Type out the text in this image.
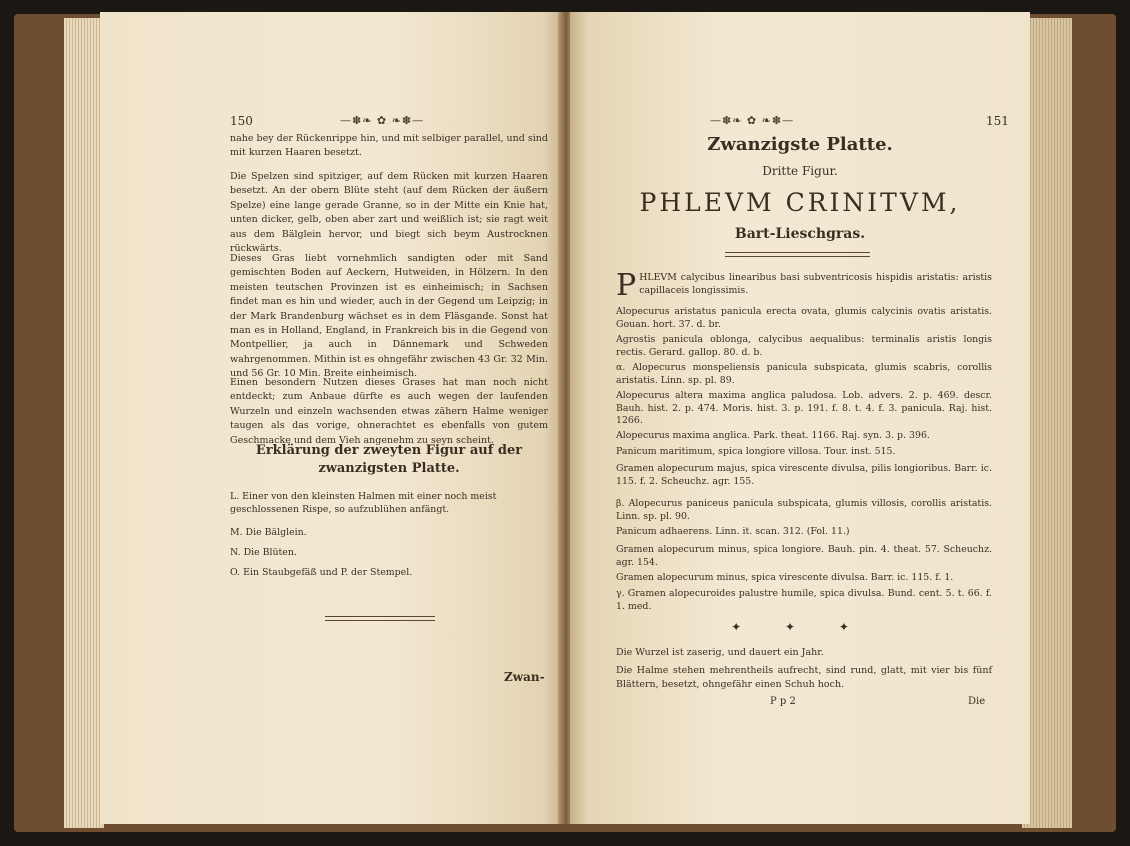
150	—✽❧ ✿ ❧✽—
nahe bey der Rückenrippe hin, und mit selbiger parallel, und sind mit kurzen Haaren besetzt.
Die Spelzen sind spitziger, auf dem Rücken mit kurzen Haaren besetzt. An der obern Blüte steht (auf dem Rücken der äußern Spelze) eine lange gerade Granne, so in der Mitte ein Knie hat, unten dicker, gelb, oben aber zart und weißlich ist; sie ragt weit aus dem Bälglein hervor, und biegt sich beym Austrocknen rückwärts.
Dieses Gras liebt vornehmlich sandigten oder mit Sand gemischten Boden auf Aeckern, Hutweiden, in Hölzern. In den meisten teutschen Provinzen ist es einheimisch; in Sachsen findet man es hin und wieder, auch in der Gegend um Leipzig; in der Mark Brandenburg wächset es in dem Fläsgande. Sonst hat man es in Holland, England, in Frankreich bis in die Gegend von Montpellier, ja auch in Dännemark und Schweden wahrgenommen. Mithin ist es ohngefähr zwischen 43 Gr. 32 Min. und 56 Gr. 10 Min. Breite einheimisch.
Einen besondern Nutzen dieses Grases hat man noch nicht entdeckt; zum Anbaue dürfte es auch wegen der laufenden Wurzeln und einzeln wachsenden etwas zähern Halme weniger taugen als das vorige, ohnerachtet es ebenfalls von gutem Geschmacke und dem Vieh angenehm zu seyn scheint.
Erklärung der zweyten Figur auf der zwanzigsten Platte.
L. Einer von den kleinsten Halmen mit einer noch meist geschlossenen Rispe, so aufzublühen anfängt.
M. Die Bälglein.
N. Die Blüten.
O. Ein Staubgefäß und P. der Stempel.
Zwan-
—✽❧ ✿ ❧✽—	151
Zwanzigste Platte.
Dritte Figur.
PHLEVM CRINITVM,
Bart-Lieschgras.
PHLEVM calycibus linearibus basi subventricosis hispidis aristatis: aristis capillaceis longissimis.
Alopecurus aristatus panicula erecta ovata, glumis calycinis ovatis aristatis. Gouan. hort. 37. d. br.
Agrostis panicula oblonga, calycibus aequalibus: terminalis aristis longis rectis. Gerard. gallop. 80. d. b.
α. Alopecurus monspeliensis panicula subspicata, glumis scabris, corollis aristatis. Linn. sp. pl. 89.
Alopecurus altera maxima anglica paludosa. Lob. advers. 2. p. 469. descr. Bauh. hist. 2. p. 474. Moris. hist. 3. p. 191. f. 8. t. 4. f. 3. panicula. Raj. hist. 1266.
Alopecurus maxima anglica. Park. theat. 1166. Raj. syn. 3. p. 396.
Panicum maritimum, spica longiore villosa. Tour. inst. 515.
Gramen alopecurum majus, spica virescente divulsa, pilis longioribus. Barr. ic. 115. f. 2. Scheuchz. agr. 155.
β. Alopecurus paniceus panicula subspicata, glumis villosis, corollis aristatis. Linn. sp. pl. 90.
Panicum adhaerens. Linn. it. scan. 312. (Fol. 11.)
Gramen alopecurum minus, spica longiore. Bauh. pin. 4. theat. 57. Scheuchz. agr. 154.
Gramen alopecurum minus, spica virescente divulsa. Barr. ic. 115. f. 1.
γ. Gramen alopecuroides palustre humile, spica divulsa. Bund. cent. 5. t. 66. f. 1. med.
✦ ✦ ✦
Die Wurzel ist zaserig, und dauert ein Jahr.
Die Halme stehen mehrentheils aufrecht, sind rund, glatt, mit vier bis fünf Blättern, besetzt, ohngefähr einen Schuh hoch.
P p 2	Die
